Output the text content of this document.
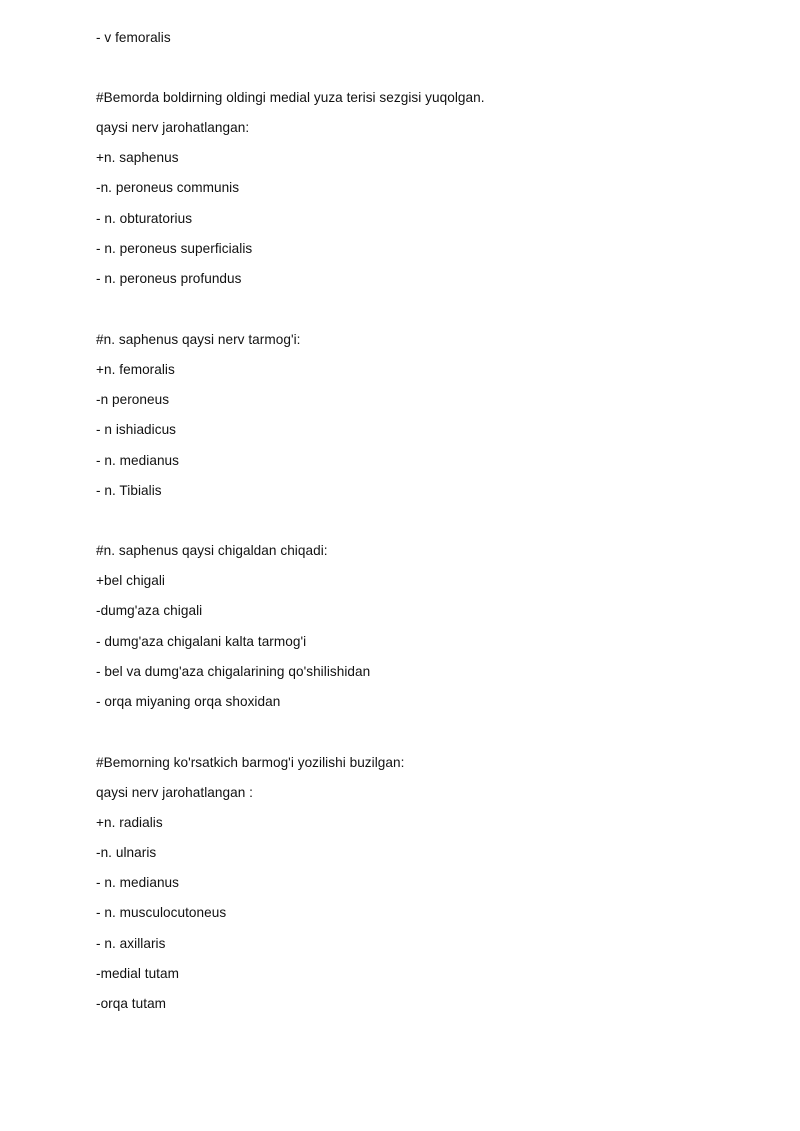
- v femoralis
#Bemorda boldirning oldingi medial yuza terisi sezgisi yuqolgan.
qaysi nerv jarohatlangan:
+n. saphenus
-n. peroneus communis
- n. obturatorius
- n. peroneus superficialis
- n. peroneus profundus
#n. saphenus qaysi nerv tarmog'i:
+n. femoralis
-n peroneus
- n ishiadicus
- n. medianus
- n. Tibialis
#n. saphenus qaysi chigaldan chiqadi:
+bel chigali
-dumg'aza chigali
- dumg'aza chigalani kalta tarmog'i
- bel va dumg'aza chigalarining qo'shilishidan
- orqa miyaning orqa shoxidan
#Bemorning ko'rsatkich barmog'i yozilishi buzilgan:
qaysi nerv jarohatlangan :
+n. radialis
-n. ulnaris
- n. medianus
- n. musculocutoneus
- n. axillaris
-medial tutam
-orqa tutam
